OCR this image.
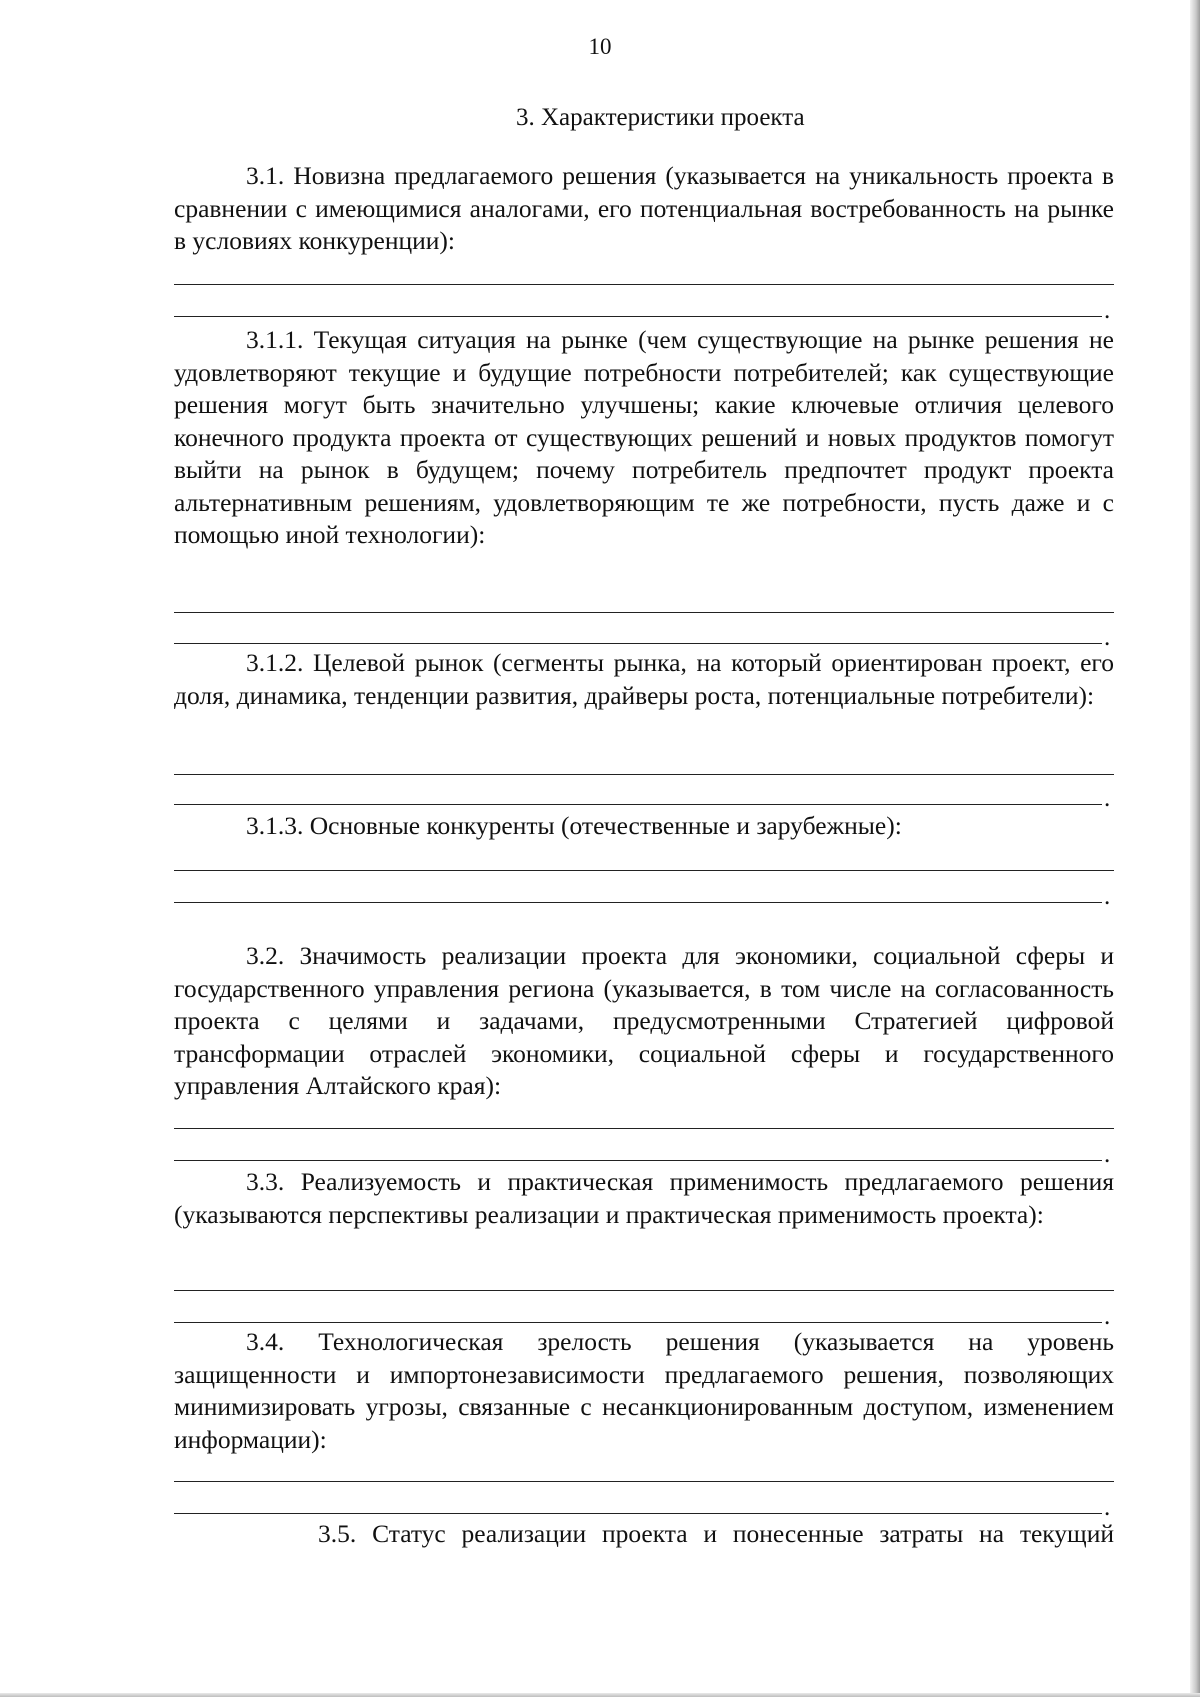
10
3. Характеристики проекта

3.1. Новизна предлагаемого решения (указывается на уникальность проекта в сравнении с имеющимися аналогами, его потенциальная востребованность на рынке в условиях конкуренции):

.

3.1.1. Текущая ситуация на рынке (чем существующие на рынке решения не удовлетворяют текущие и будущие потребности потребителей; как существующие решения могут быть значительно улучшены; какие ключевые отличия целевого конечного продукта проекта от существующих решений и новых продуктов помогут выйти на рынок в будущем; почему потребитель предпочтет продукт проекта альтернативным решениям, удовлетворяющим те же потребности, пусть даже и с помощью иной технологии):

.

3.1.2. Целевой рынок (сегменты рынка, на который ориентирован проект, его доля, динамика, тенденции развития, драйверы роста, потенциальные потребители):

.

3.1.3. Основные конкуренты (отечественные и зарубежные):

.

3.2. Значимость реализации проекта для экономики, социальной сферы и государственного управления региона (указывается, в том числе на согласованность проекта с целями и задачами, предусмотренными Стратегией цифровой трансформации отраслей экономики, социальной сферы и государственного управления Алтайского края):

.

3.3. Реализуемость и практическая применимость предлагаемого решения (указываются перспективы реализации и практическая применимость проекта):

.

3.4. Технологическая зрелость решения (указывается на уровень защищенности и импортонезависимости предлагаемого решения, позволяющих минимизировать угрозы, связанные с несанкционированным доступом, изменением информации):

.

3.5. Статус реализации проекта и понесенные затраты на текущий
